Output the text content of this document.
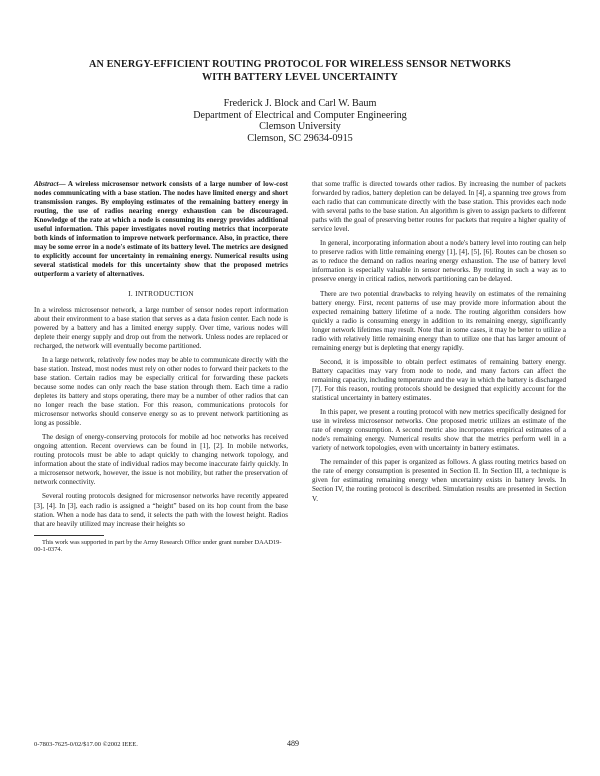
AN ENERGY-EFFICIENT ROUTING PROTOCOL FOR WIRELESS SENSOR NETWORKS
WITH BATTERY LEVEL UNCERTAINTY
Frederick J. Block and Carl W. Baum
Department of Electrical and Computer Engineering
Clemson University
Clemson, SC 29634-0915

Abstract— A wireless microsensor network consists of a large number of low-cost nodes communicating with a base station. The nodes have limited energy and short transmission ranges. By employing estimates of the remaining battery energy in routing, the use of radios nearing energy exhaustion can be discouraged. Knowledge of the rate at which a node is consuming its energy provides additional useful information. This paper investigates novel routing metrics that incorporate both kinds of information to improve network performance. Also, in practice, there may be some error in a node's estimate of its battery level. The metrics are designed to explicitly account for uncertainty in remaining energy. Numerical results using several statistical models for this uncertainty show that the proposed metrics outperform a variety of alternatives.

I. INTRODUCTION

In a wireless microsensor network, a large number of sensor nodes report information about their environment to a base station that serves as a data fusion center. Each node is powered by a battery and has a limited energy supply. Over time, various nodes will deplete their energy supply and drop out from the network. Unless nodes are replaced or recharged, the network will eventually become partitioned.

In a large network, relatively few nodes may be able to communicate directly with the base station. Instead, most nodes must rely on other nodes to forward their packets to the base station. Certain radios may be especially critical for forwarding these packets because some nodes can only reach the base station through them. Each time a radio depletes its battery and stops operating, there may be a number of other radios that can no longer reach the base station. For this reason, communications protocols for microsensor networks should conserve energy so as to prevent network partitioning as long as possible.

The design of energy-conserving protocols for mobile ad hoc networks has received ongoing attention. Recent overviews can be found in [1], [2]. In mobile networks, routing protocols must be able to adapt quickly to changing network topology, and information about the state of individual radios may become inaccurate fairly quickly. In a microsensor network, however, the issue is not mobility, but rather the preservation of network connectivity.

Several routing protocols designed for microsensor networks have recently appeared [3], [4]. In [3], each radio is assigned a “height” based on its hop count from the base station. When a node has data to send, it selects the path with the lowest height. Radios that are heavily utilized may increase their heights so

This work was supported in part by the Army Research Office under grant number DAAD19-00-1-0374.

that some traffic is directed towards other radios. By increasing the number of packets forwarded by radios, battery depletion can be delayed. In [4], a spanning tree grows from each radio that can communicate directly with the base station. This provides each node with several paths to the base station. An algorithm is given to assign packets to different paths with the goal of preserving better routes for packets that require a higher quality of service level.

In general, incorporating information about a node's battery level into routing can help to preserve radios with little remaining energy [1], [4], [5], [6]. Routes can be chosen so as to reduce the demand on radios nearing energy exhaustion. The use of battery level information is especially valuable in sensor networks. By routing in such a way as to preserve energy in critical radios, network partitioning can be delayed.

There are two potential drawbacks to relying heavily on estimates of the remaining battery energy. First, recent patterns of use may provide more information about the expected remaining battery lifetime of a node. The routing algorithm considers how quickly a radio is consuming energy in addition to its remaining energy, significantly longer network lifetimes may result. Note that in some cases, it may be better to utilize a radio with relatively little remaining energy than to utilize one that has larger amount of remaining energy but is depleting that energy rapidly.

Second, it is impossible to obtain perfect estimates of remaining battery energy. Battery capacities may vary from node to node, and many factors can affect the remaining capacity, including temperature and the way in which the battery is discharged [7]. For this reason, routing protocols should be designed that explicitly account for the statistical uncertainty in battery estimates.

In this paper, we present a routing protocol with new metrics specifically designed for use in wireless microsensor networks. One proposed metric utilizes an estimate of the rate of energy consumption. A second metric also incorporates empirical estimates of a node's remaining energy. Numerical results show that the metrics perform well in a variety of network topologies, even with uncertainty in battery estimates.

The remainder of this paper is organized as follows. A glass routing metrics based on the rate of energy consumption is presented in Section II. In Section III, a technique is given for estimating remaining energy when uncertainty exists in battery levels. In Section IV, the routing protocol is described. Simulation results are presented in Section V.

0-7803-7625-0/02/$17.00 ©2002 IEEE.	489
